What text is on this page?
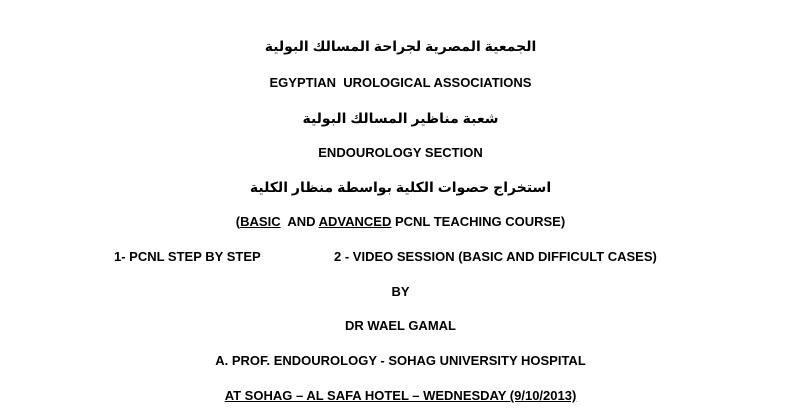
الجمعية المصرية لجراحة المسالك البولية
EGYPTIAN  UROLOGICAL ASSOCIATIONS
شعبة مناظير المسالك البولية
ENDOUROLOGY SECTION
استخراج حصوات الكلية بواسطة منظار الكلية
(BASIC  AND ADVANCED PCNL TEACHING COURSE)
1- PCNL STEP BY STEP	2 - VIDEO SESSION (BASIC AND DIFFICULT CASES)
BY
DR WAEL GAMAL
A. PROF. ENDOUROLOGY - SOHAG UNIVERSITY HOSPITAL
AT SOHAG – AL SAFA HOTEL – WEDNESDAY (9/10/2013)
